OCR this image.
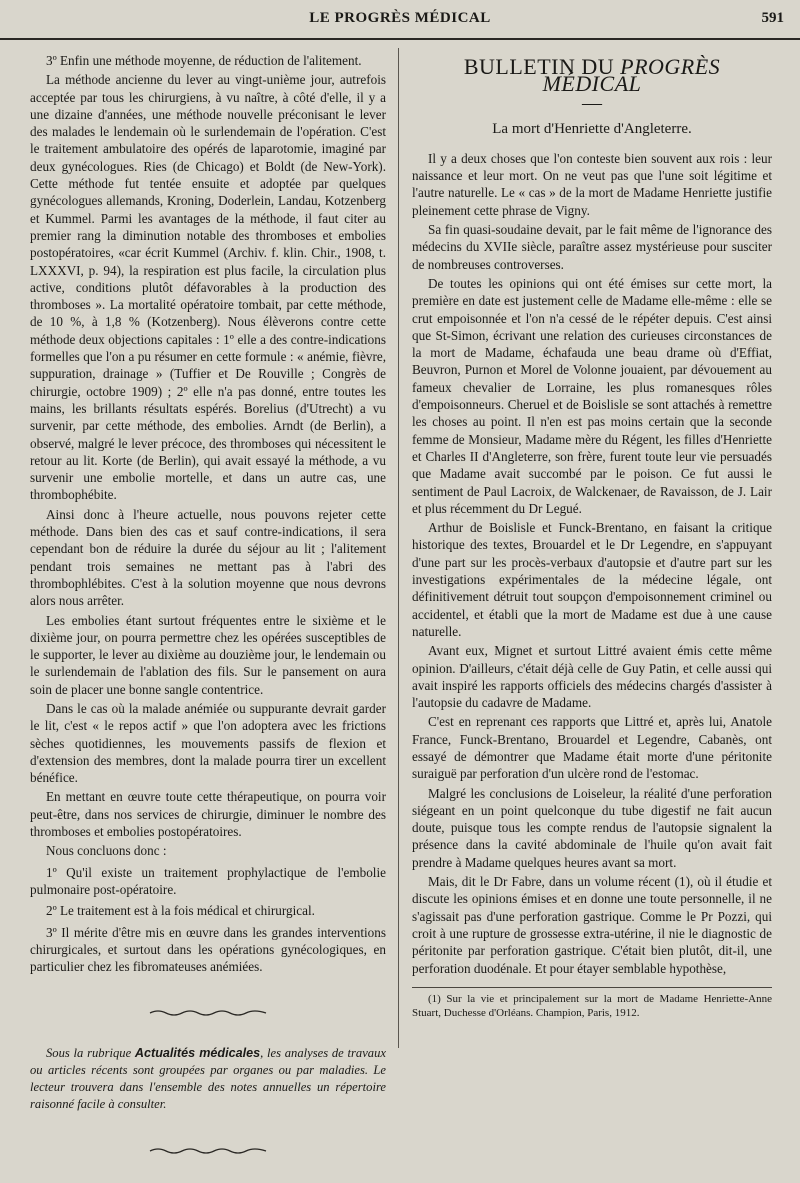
LE PROGRÈS MÉDICAL	591

3º Enfin une méthode moyenne, de réduction de l'alitement.

La méthode ancienne du lever au vingt-unième jour, autrefois acceptée par tous les chirurgiens, à vu naître, à côté d'elle, il y a une dizaine d'années, une méthode nouvelle préconisant le lever des malades le lendemain où le surlendemain de l'opération. C'est le traitement ambulatoire des opérés de laparotomie, imaginé par deux gynécologues. Ries (de Chicago) et Boldt (de New-York). Cette méthode fut tentée ensuite et adoptée par quelques gynécologues allemands, Kroning, Doderlein, Landau, Kotzenberg et Kummel. Parmi les avantages de la méthode, il faut citer au premier rang la diminution notable des thromboses et embolies postopératoires, «car écrit Kummel (Archiv. f. klin. Chir., 1908, t. LXXXVI, p. 94), la respiration est plus facile, la circulation plus active, conditions plutôt défavorables à la production des thromboses ». La mortalité opératoire tombait, par cette méthode, de 10 %, à 1,8 % (Kotzenberg). Nous élèverons contre cette méthode deux objections capitales : 1º elle a des contre-indications formelles que l'on a pu résumer en cette formule : « anémie, fièvre, suppuration, drainage » (Tuffier et De Rouville ; Congrès de chirurgie, octobre 1909) ; 2º elle n'a pas donné, entre toutes les mains, les brillants résultats espérés. Borelius (d'Utrecht) a vu survenir, par cette méthode, des embolies. Arndt (de Berlin), a observé, malgré le lever précoce, des thromboses qui nécessitent le retour au lit. Korte (de Berlin), qui avait essayé la méthode, a vu survenir une embolie mortelle, et dans un autre cas, une thrombophébite.

Ainsi donc à l'heure actuelle, nous pouvons rejeter cette méthode. Dans bien des cas et sauf contre-indications, il sera cependant bon de réduire la durée du séjour au lit ; l'alitement pendant trois semaines ne mettant pas à l'abri des thrombophlébites. C'est à la solution moyenne que nous devrons alors nous arrêter.

Les embolies étant surtout fréquentes entre le sixième et le dixième jour, on pourra permettre chez les opérées susceptibles de le supporter, le lever au dixième au douzième jour, le lendemain ou le surlendemain de l'ablation des fils. Sur le pansement on aura soin de placer une bonne sangle contentrice.

Dans le cas où la malade anémiée ou suppurante devrait garder le lit, c'est « le repos actif » que l'on adoptera avec les frictions sèches quotidiennes, les mouvements passifs de flexion et d'extension des membres, dont la malade pourra tirer un excellent bénéfice.

En mettant en œuvre toute cette thérapeutique, on pourra voir peut-être, dans nos services de chirurgie, diminuer le nombre des thromboses et embolies postopératoires.

Nous concluons donc :

1º Qu'il existe un traitement prophylactique de l'embolie pulmonaire post-opératoire.

2º Le traitement est à la fois médical et chirurgical.

3º Il mérite d'être mis en œuvre dans les grandes interventions chirurgicales, et surtout dans les opérations gynécologiques, en particulier chez les fibromateuses anémiées.

Sous la rubrique Actualités médicales, les analyses de travaux ou articles récents sont groupées par organes ou par maladies. Le lecteur trouvera dans l'ensemble des notes annuelles un répertoire raisonné facile à consulter.

BULLETIN DU PROGRÈS MÉDICAL

—

La mort d'Henriette d'Angleterre.

Il y a deux choses que l'on conteste bien souvent aux rois : leur naissance et leur mort. On ne veut pas que l'une soit légitime et l'autre naturelle. Le « cas » de la mort de Madame Henriette justifie pleinement cette phrase de Vigny.

Sa fin quasi-soudaine devait, par le fait même de l'ignorance des médecins du XVIIe siècle, paraître assez mystérieuse pour susciter de nombreuses controverses.

De toutes les opinions qui ont été émises sur cette mort, la première en date est justement celle de Madame elle-même : elle se crut empoisonnée et l'on n'a cessé de le répéter depuis. C'est ainsi que St-Simon, écrivant une relation des curieuses circonstances de la mort de Madame, échafauda une beau drame où d'Effiat, Beuvron, Purnon et Morel de Volonne jouaient, par dévouement au fameux chevalier de Lorraine, les plus romanesques rôles d'empoisonneurs. Cheruel et de Boislisle se sont attachés à remettre les choses au point. Il n'en est pas moins certain que la seconde femme de Monsieur, Madame mère du Régent, les filles d'Henriette et Charles II d'Angleterre, son frère, furent toute leur vie persuadés que Madame avait succombé par le poison. Ce fut aussi le sentiment de Paul Lacroix, de Walckenaer, de Ravaisson, de J. Lair et plus récemment du Dr Legué.

Arthur de Boislisle et Funck-Brentano, en faisant la critique historique des textes, Brouardel et le Dr Legendre, en s'appuyant d'une part sur les procès-verbaux d'autopsie et d'autre part sur les investigations expérimentales de la médecine légale, ont définitivement détruit tout soupçon d'empoisonnement criminel ou accidentel, et établi que la mort de Madame est due à une cause naturelle.

Avant eux, Mignet et surtout Littré avaient émis cette même opinion. D'ailleurs, c'était déjà celle de Guy Patin, et celle aussi qui avait inspiré les rapports officiels des médecins chargés d'assister à l'autopsie du cadavre de Madame.

C'est en reprenant ces rapports que Littré et, après lui, Anatole France, Funck-Brentano, Brouardel et Legendre, Cabanès, ont essayé de démontrer que Madame était morte d'une péritonite suraiguë par perforation d'un ulcère rond de l'estomac.

Malgré les conclusions de Loiseleur, la réalité d'une perforation siégeant en un point quelconque du tube digestif ne fait aucun doute, puisque tous les compte rendus de l'autopsie signalent la présence dans la cavité abdominale de l'huile qu'on avait fait prendre à Madame quelques heures avant sa mort.

Mais, dit le Dr Fabre, dans un volume récent (1), où il étudie et discute les opinions émises et en donne une toute personnelle, il ne s'agissait pas d'une perforation gastrique. Comme le Pr Pozzi, qui croit à une rupture de grossesse extra-utérine, il nie le diagnostic de péritonite par perforation gastrique. C'était bien plutôt, dit-il, une perforation duodénale. Et pour étayer semblable hypothèse,

(1) Sur la vie et principalement sur la mort de Madame Henriette-Anne Stuart, Duchesse d'Orléans. Champion, Paris, 1912.
